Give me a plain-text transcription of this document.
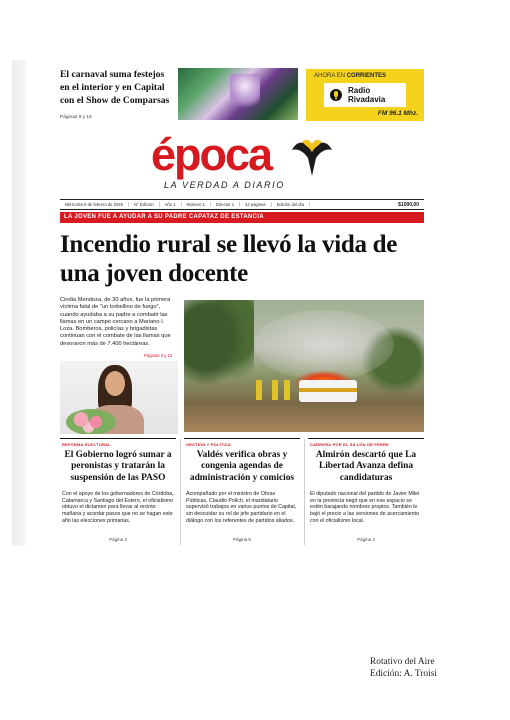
El carnaval suma festejos en el interior y en Capital con el Show de Comparsas
Páginas 8 y 16
AHORA EN CORRIENTES
Radio
Rivadavia
FM 96.1 Mhz.
época
LA VERDAD A DIARIO
Miércoles 5 de febrero de 2025	N° Edición	Año 1	Número 1	Director 1	44 páginas	Edición del día	$1000,00
LA JOVEN FUE A AYUDAR A SU PADRE CAPATAZ DE ESTANCIA
Incendio rural se llevó la vida de una joven docente
Cindia Mendoza, de 30 años, fue la primera víctima fatal de "un torbellino de fuego", cuando ayudaba a su padre a combatir las llamas en un campo cercano a Mariano I. Loza. Bomberos, policías y brigadistas continúan con el combate de las llamas que devoraron más de 7.400 hectáreas.
Páginas 2 y 13
REFORMA ELECTORAL
El Gobierno logró sumar a peronistas y tratarán la suspensión de las PASO
Con el apoyo de los gobernadores de Córdoba, Catamarca y Santiago del Estero, el oficialismo obtuvo el dictamen para llevar al recinto mañana y acordar pasos que no se hagan este año las elecciones primarias.
Página 3
GESTIÓN Y POLÍTICA
Valdés verifica obras y congenia agendas de administración y comicios
Acompañado por el ministro de Obras Públicas, Claudio Polich, el mandatario supervisó trabajos en varios puntos de Capital, sin descuidar su rol de jefe partidario en el diálogo con los referentes de partidos aliados.
Página 5
CARRERA POR EL SILLÓN DE FERRE
Almirón descartó que La Libertad Avanza defina candidaturas
El diputado nacional del partido de Javier Milei en la provincia negó que en ese espacio se estén barajando nombres propios. También le bajó el precio a las versiones de acercamiento con el oficialismo local.
Página 4
Rotativo del Aire
Edición: A. Troisi
